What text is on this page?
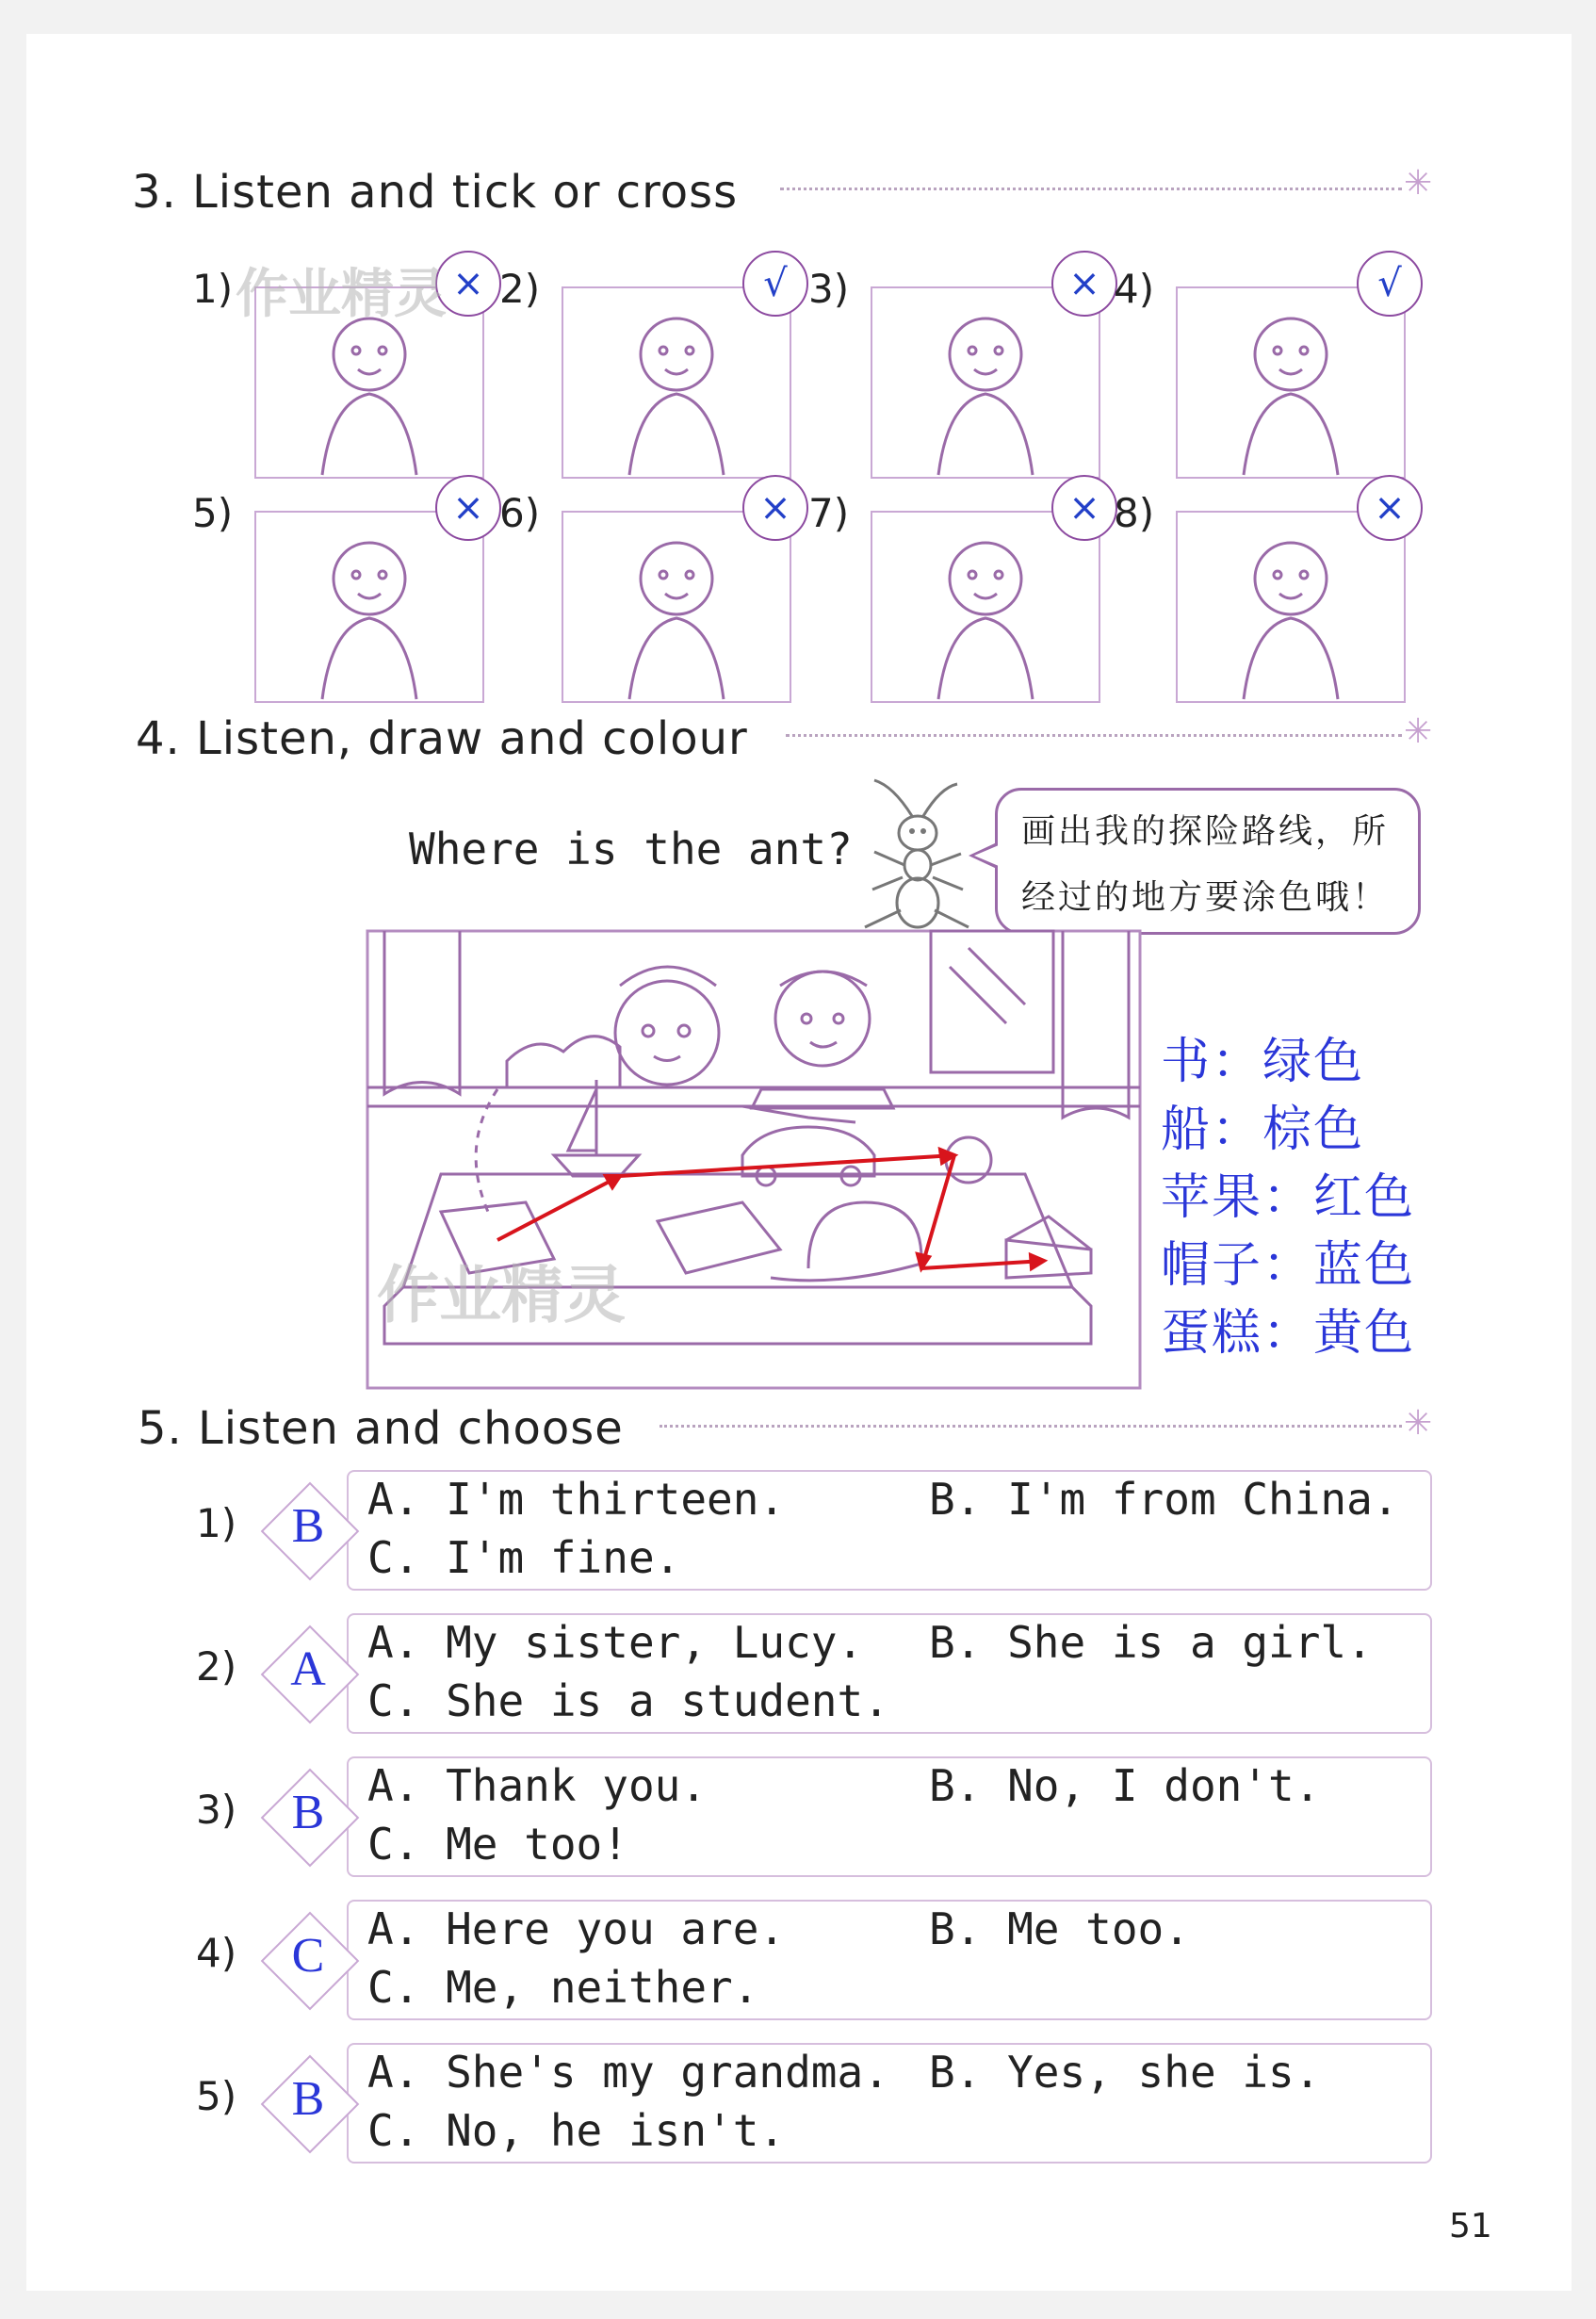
3. Listen and tick or cross	✳
1)	× 2)	√ 3)	× 4)	√
5)	× 6)	× 7)	× 8)	×
作业精灵
4. Listen, draw and colour	✳
Where is the ant?	画出我的探险路线，所
经过的地方要涂色哦！
作业精灵
书：绿色
船：棕色
苹果：红色
帽子：蓝色
蛋糕：黄色
5. Listen and choose	✳
1)	B A. I'm thirteen.	B. I'm from China.
C. I'm fine.
2)	A A. My sister, Lucy. B. She is a girl.
C. She is a student.
3)	B A. Thank you.	B. No, I don't.
C. Me too!
4)	C A. Here you are.	B. Me too.
C. Me, neither.
5)	B A. She's my grandma. B. Yes, she is.
C. No, he isn't.
51
